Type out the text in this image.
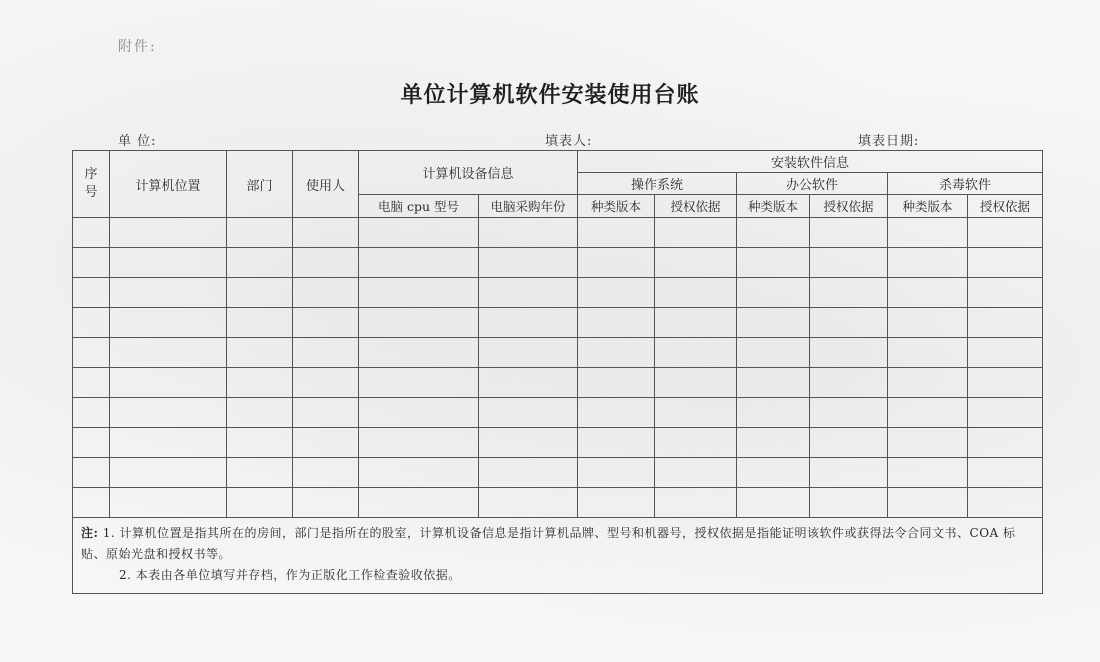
附件:
单位计算机软件安装使用台账
单 位:	填表人:	填表日期:
序号	计算机位置	部门	使用人	计算机设备信息		安装软件信息					
						操作系统		办公软件		杀毒软件	
				电脑 cpu 型号	电脑采购年份	种类版本	授权依据	种类版本	授权依据	种类版本	授权依据

注: 1. 计算机位置是指其所在的房间，部门是指所在的股室，计算机设备信息是指计算机品牌、型号和机器号，授权依据是指能证明该软件或获得法令合同文书、COA 标贴、原始光盘和授权书等。
2. 本表由各单位填写并存档，作为正版化工作检查验收依据。											
